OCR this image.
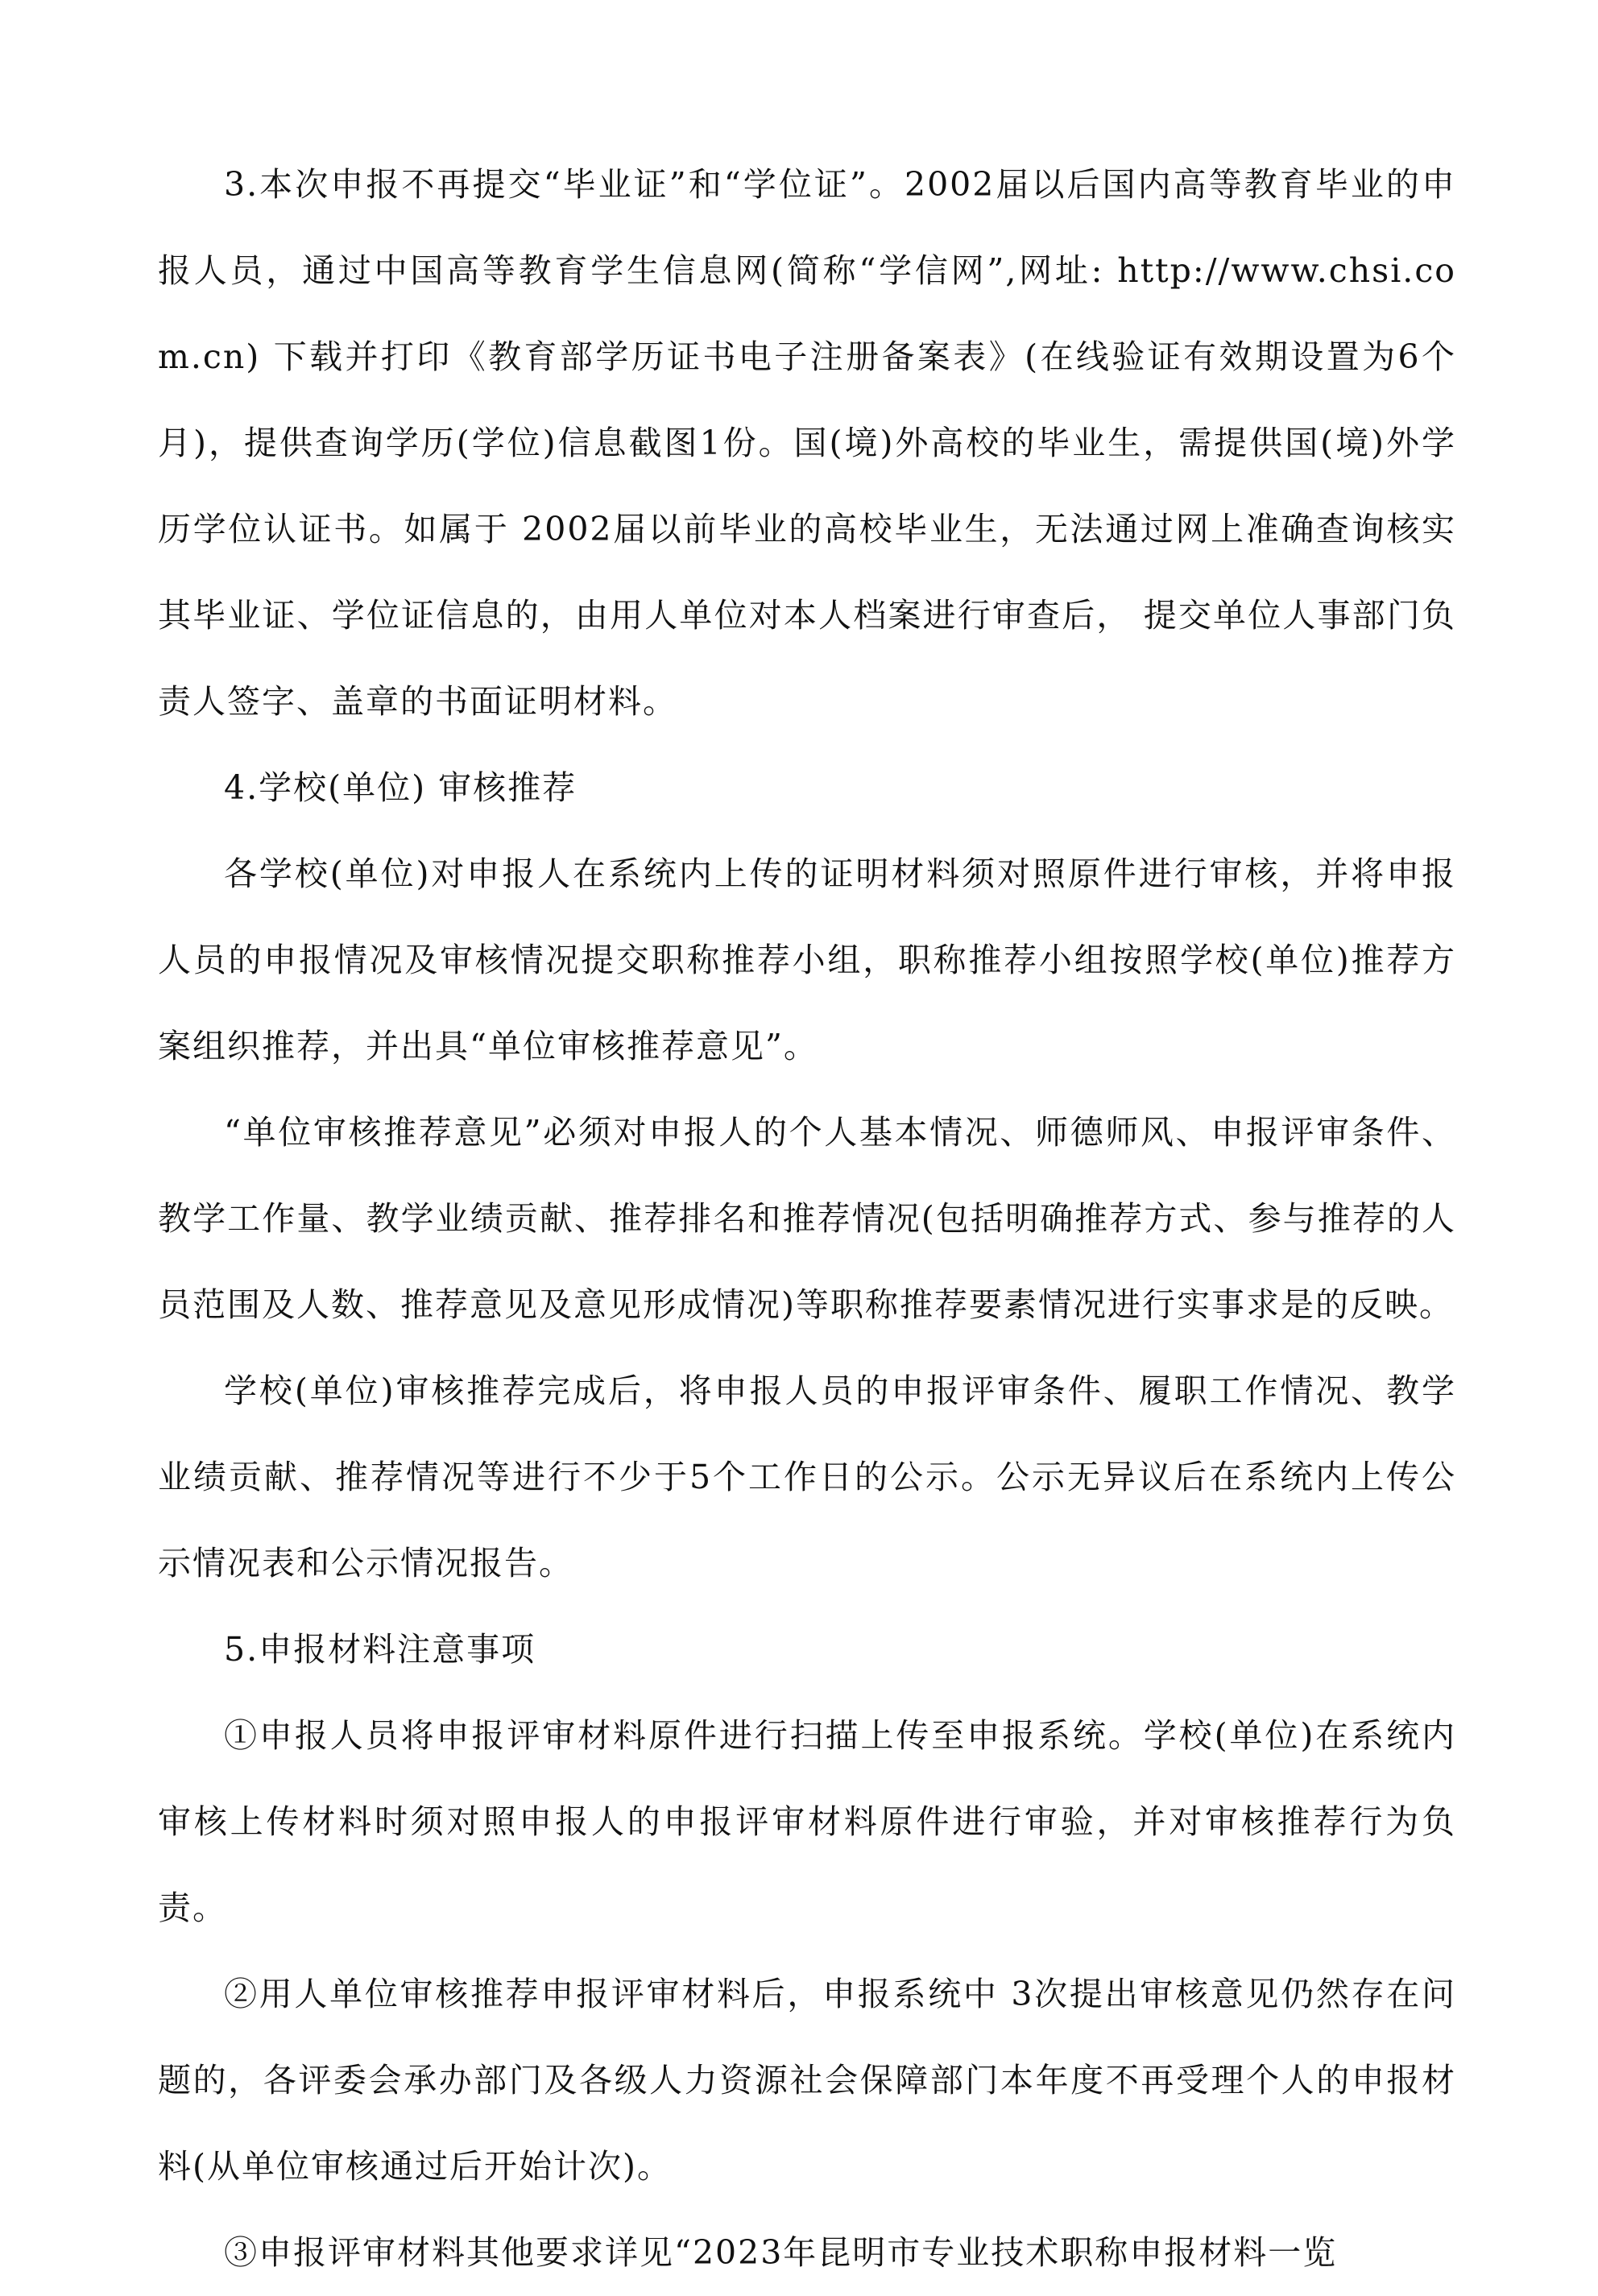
3.本次申报不再提交“毕业证”和“学位证”。2002届以后国内高等教育毕业的申报人员，通过中国高等教育学生信息网(简称“学信网”,网址: http://www.chsi.com.cn) 下载并打印《教育部学历证书电子注册备案表》(在线验证有效期设置为6个月)，提供查询学历(学位)信息截图1份。国(境)外高校的毕业生，需提供国(境)外学历学位认证书。如属于 2002届以前毕业的高校毕业生，无法通过网上准确查询核实其毕业证、学位证信息的，由用人单位对本人档案进行审查后， 提交单位人事部门负责人签字、盖章的书面证明材料。

4.学校(单位) 审核推荐

各学校(单位)对申报人在系统内上传的证明材料须对照原件进行审核，并将申报人员的申报情况及审核情况提交职称推荐小组，职称推荐小组按照学校(单位)推荐方案组织推荐，并出具“单位审核推荐意见”。

“单位审核推荐意见”必须对申报人的个人基本情况、师德师风、申报评审条件、教学工作量、教学业绩贡献、推荐排名和推荐情况(包括明确推荐方式、参与推荐的人员范围及人数、推荐意见及意见形成情况)等职称推荐要素情况进行实事求是的反映。

学校(单位)审核推荐完成后，将申报人员的申报评审条件、履职工作情况、教学业绩贡献、推荐情况等进行不少于5个工作日的公示。公示无异议后在系统内上传公示情况表和公示情况报告。

5.申报材料注意事项

①申报人员将申报评审材料原件进行扫描上传至申报系统。学校(单位)在系统内审核上传材料时须对照申报人的申报评审材料原件进行审验，并对审核推荐行为负责。

②用人单位审核推荐申报评审材料后，申报系统中 3次提出审核意见仍然存在问题的，各评委会承办部门及各级人力资源社会保障部门本年度不再受理个人的申报材料(从单位审核通过后开始计次)。

③申报评审材料其他要求详见“2023年昆明市专业技术职称申报材料一览
